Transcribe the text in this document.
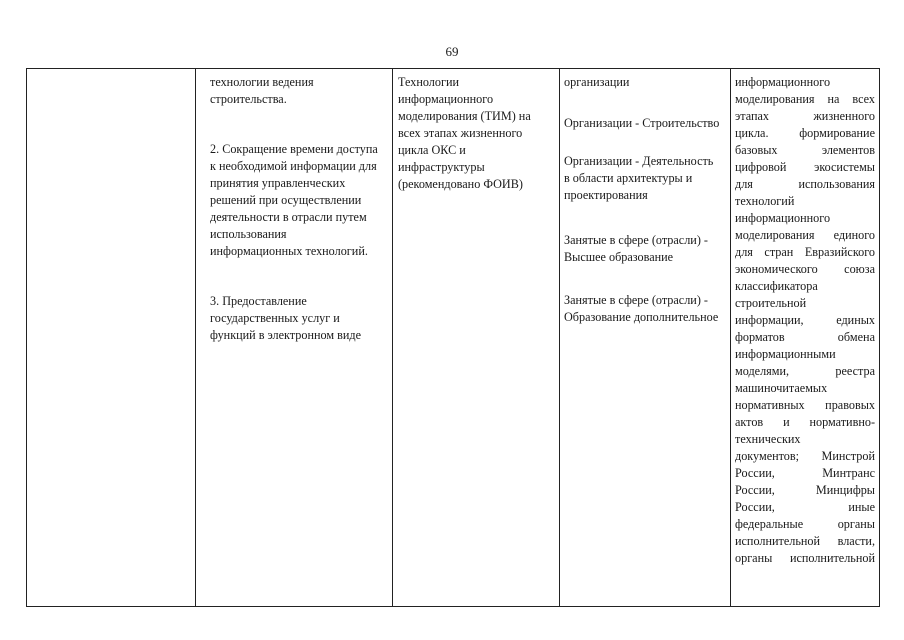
69

технологии ведения

строительства.

2. Сокращение времени доступа

к необходимой информации для

принятия управленческих

решений при осуществлении

деятельности в отрасли путем

использования

информационных технологий.

3. Предоставление

государственных услуг и

функций в электронном виде

Технологии

информационного

моделирования (ТИМ) на

всех этапах жизненного

цикла ОКС и

инфраструктуры

(рекомендовано ФОИВ)

организации

Организации - Строительство

Организации - Деятельность

в области архитектуры и

проектирования

Занятые в сфере (отрасли) -

Высшее образование

Занятые в сфере (отрасли) -

Образование дополнительное

информационного

моделирования на всех

этапах жизненного

цикла. формирование

базовых элементов

цифровой экосистемы

для использования

технологий

информационного

моделирования единого

для стран Евразийского

экономического союза

классификатора

строительной

информации, единых

форматов обмена

информационными

моделями, реестра

машиночитаемых

нормативных правовых

актов и нормативно-

технических

документов; Минстрой

России, Минтранс

России, Минцифры

России, иные

федеральные органы

исполнительной власти,

органы исполнительной
